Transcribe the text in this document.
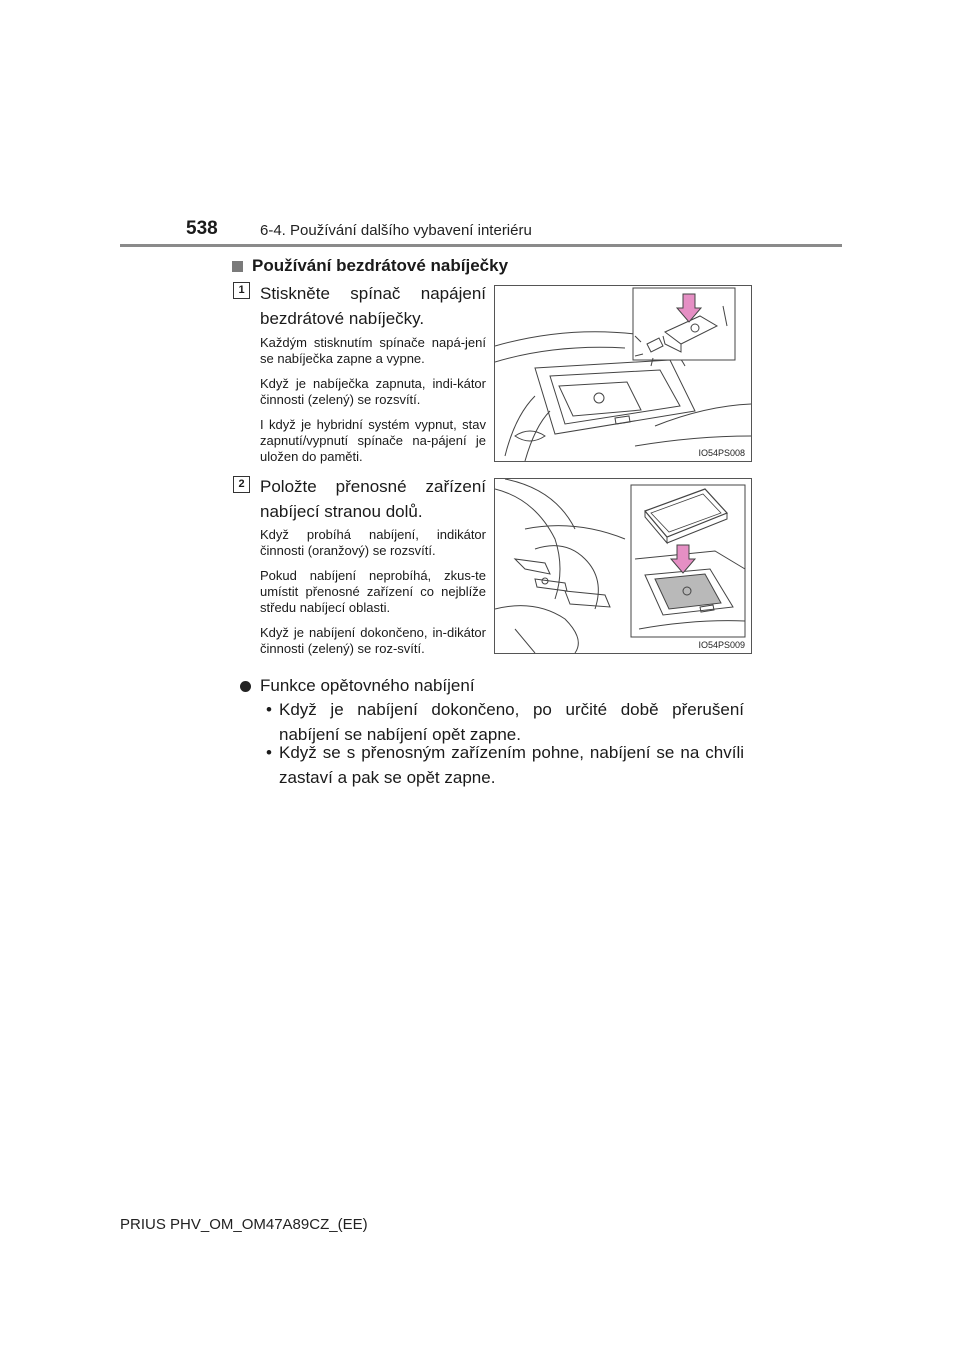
538	6-4. Používání dalšího vybavení interiéru
Používání bezdrátové nabíječky
1 Stiskněte spínač napájení bezdrátové nabíječky.

Každým stisknutím spínače napá-jení se nabíječka zapne a vypne.

Když je nabíječka zapnuta, indi-kátor činnosti (zelený) se rozsvítí.

I když je hybridní systém vypnut, stav zapnutí/vypnutí spínače na-pájení je uložen do paměti.	IO54PS008
2 Položte přenosné zařízení nabíjecí stranou dolů.

Když probíhá nabíjení, indikátor činnosti (oranžový) se rozsvítí.

Pokud nabíjení neprobíhá, zkus-te umístit přenosné zařízení co nejblíže středu nabíjecí oblasti.

Když je nabíjení dokončeno, in-dikátor činnosti (zelený) se roz-svítí.	IO54PS009
Funkce opětovného nabíjení
• Když je nabíjení dokončeno, po určité době přerušení nabíjení se nabíjení opět zapne.
• Když se s přenosným zařízením pohne, nabíjení se na chvíli zastaví a pak se opět zapne.
PRIUS PHV_OM_OM47A89CZ_(EE)
